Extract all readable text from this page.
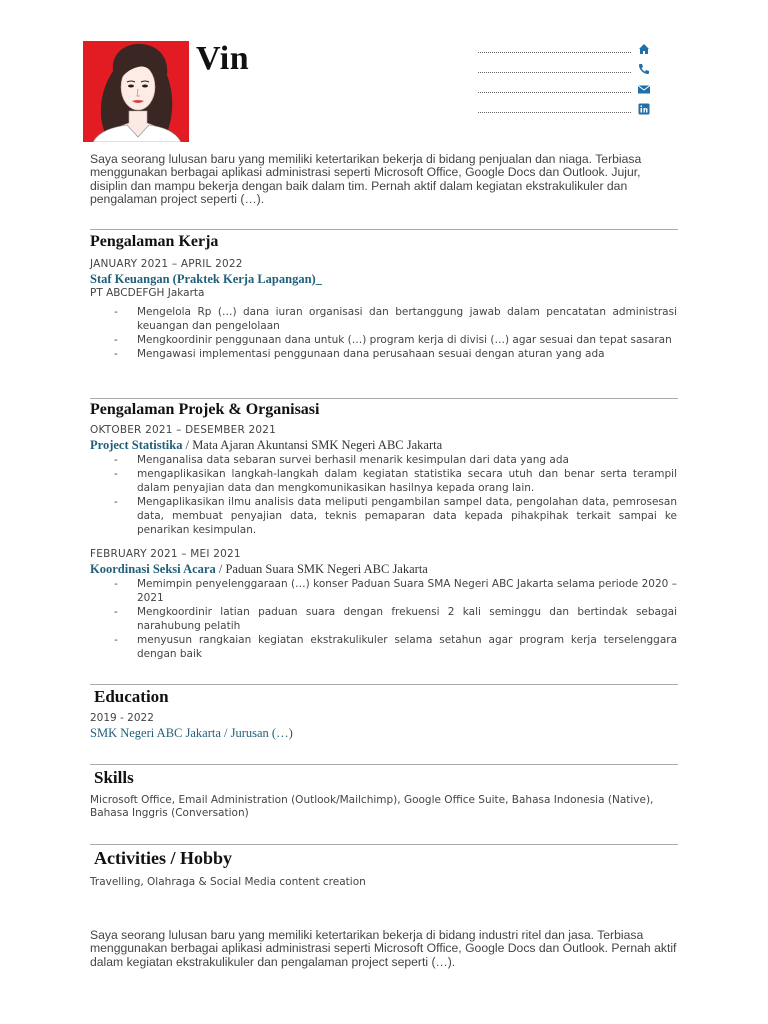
Vin
Saya seorang lulusan baru yang memiliki ketertarikan bekerja di bidang penjualan dan niaga. Terbiasa menggunakan berbagai aplikasi administrasi seperti Microsoft Office, Google Docs dan Outlook. Jujur, disiplin dan mampu bekerja dengan baik dalam tim. Pernah aktif dalam kegiatan ekstrakulikuler dan pengalaman project seperti (…).
Pengalaman Kerja
JANUARY 2021 – APRIL 2022
Staf Keuangan (Praktek Kerja Lapangan)_
PT ABCDEFGH Jakarta
- Mengelola Rp (…) dana iuran organisasi dan bertanggung jawab dalam pencatatan administrasi keuangan dan pengelolaan
- Mengkoordinir penggunaan dana untuk (…) program kerja di divisi (…) agar sesuai dan tepat sasaran
- Mengawasi implementasi penggunaan dana perusahaan sesuai dengan aturan yang ada
Pengalaman Projek & Organisasi
OKTOBER 2021 – DESEMBER 2021
Project Statistika / Mata Ajaran Akuntansi SMK Negeri ABC Jakarta
- Menganalisa data sebaran survei berhasil menarik kesimpulan dari data yang ada
- mengaplikasikan langkah-langkah dalam kegiatan statistika secara utuh dan benar serta terampil dalam penyajian data dan mengkomunikasikan hasilnya kepada orang lain.
- Mengaplikasikan ilmu analisis data meliputi pengambilan sampel data, pengolahan data, pemrosesan data, membuat penyajian data, teknis pemaparan data kepada pihakpihak terkait sampai ke penarikan kesimpulan.
FEBRUARY 2021 – MEI 2021
Koordinasi Seksi Acara / Paduan Suara SMK Negeri ABC Jakarta
- Memimpin penyelenggaraan (…) konser Paduan Suara SMA Negeri ABC Jakarta selama periode 2020 – 2021
- Mengkoordinir latian paduan suara dengan frekuensi 2 kali seminggu dan bertindak sebagai narahubung pelatih
- menyusun rangkaian kegiatan ekstrakulikuler selama setahun agar program kerja terselenggara dengan baik
Education
2019 - 2022
SMK Negeri ABC Jakarta / Jurusan (…)
Skills
Microsoft Office, Email Administration (Outlook/Mailchimp), Google Office Suite, Bahasa Indonesia (Native), Bahasa Inggris (Conversation)
Activities / Hobby
Travelling, Olahraga & Social Media content creation
Saya seorang lulusan baru yang memiliki ketertarikan bekerja di bidang industri ritel dan jasa. Terbiasa menggunakan berbagai aplikasi administrasi seperti Microsoft Office, Google Docs dan Outlook. Pernah aktif dalam kegiatan ekstrakulikuler dan pengalaman project seperti (…).
